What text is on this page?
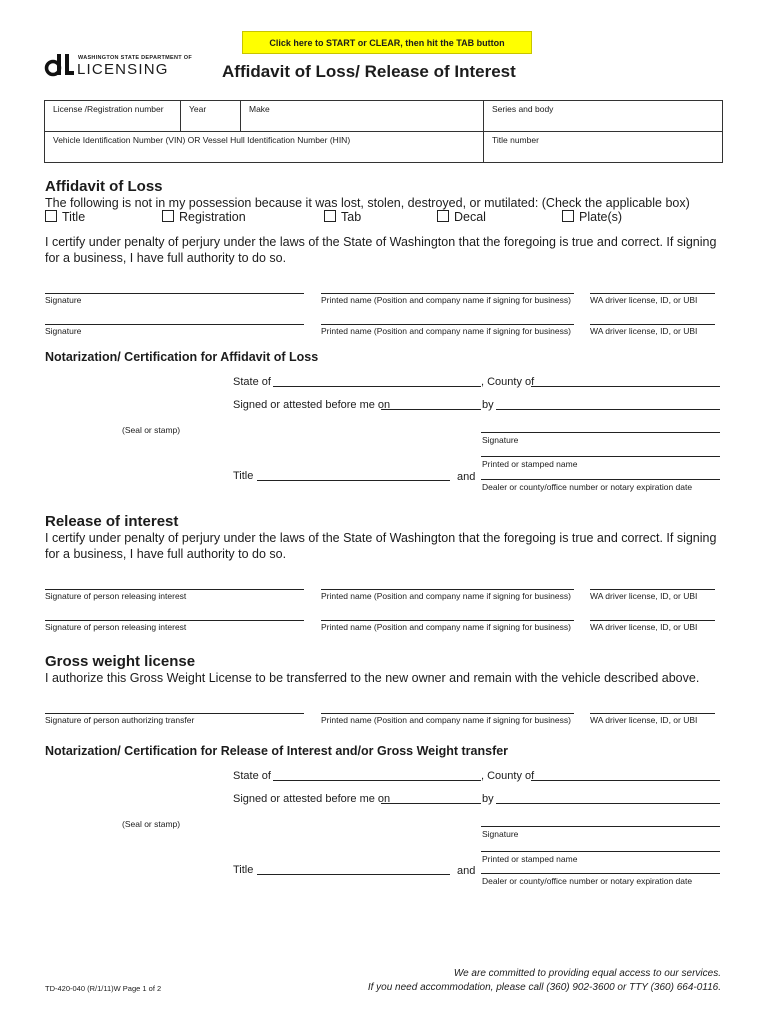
Click here to START or CLEAR, then hit the TAB button
WASHINGTON STATE DEPARTMENT OF
LICENSING	Affidavit of Loss/ Release of Interest
License /Registration number	Year	Make	Series and body
Vehicle Identification Number (VIN) OR Vessel Hull Identification Number (HIN)	Title number
Affidavit of Loss
The following is not in my possession because it was lost, stolen, destroyed, or mutilated: (Check the applicable box)
Title	Registration	Tab	Decal	Plate(s)
I certify under penalty of perjury under the laws of the State of Washington that the foregoing is true and correct. If signing
for a business, I have full authority to do so.
Signature	Printed name (Position and company name if signing for business) WA driver license, ID, or UBI
Signature	Printed name (Position and company name if signing for business) WA driver license, ID, or UBI
Notarization/ Certification for Affidavit of Loss
State of	, County of
Signed or attested before me on	by
(Seal or stamp)
Signature
Printed or stamped name
Title	and
Dealer or county/office number or notary expiration date
Release of interest
I certify under penalty of perjury under the laws of the State of Washington that the foregoing is true and correct. If signing
for a business, I have full authority to do so.
Signature of person releasing interest	Printed name (Position and company name if signing for business) WA driver license, ID, or UBI
Signature of person releasing interest	Printed name (Position and company name if signing for business) WA driver license, ID, or UBI
Gross weight license
I authorize this Gross Weight License to be transferred to the new owner and remain with the vehicle described above.
Signature of person authorizing transfer	Printed name (Position and company name if signing for business) WA driver license, ID, or UBI
Notarization/ Certification for Release of Interest and/or Gross Weight transfer
State of	, County of
Signed or attested before me on	by
(Seal or stamp)
Signature
Printed or stamped name
Title	and
Dealer or county/office number or notary expiration date
TD-420-040 (R/1/11)W Page 1 of 2
We are committed to providing equal access to our services.
If you need accommodation, please call (360) 902-3600 or TTY (360) 664-0116.
